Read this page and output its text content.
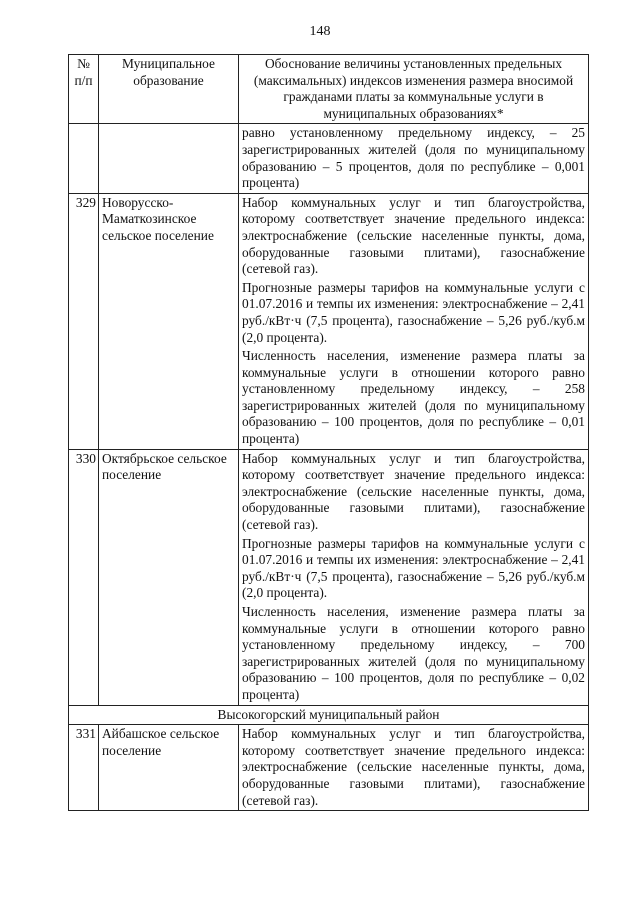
148
№ п/п	Муниципальное образование	Обоснование величины установленных предельных (максимальных) индексов изменения размера вносимой гражданами платы за коммунальные услуги в муниципальных образованиях*

		равно установленному предельному индексу, – 25 зарегистрированных жителей (доля по муниципальному образованию – 5 процентов, доля по республике – 0,001 процента)

329	Новорусско-Маматкозинское сельское поселение	Набор коммунальных услуг и тип благоустройства, которому соответствует значение предельного индекса: электроснабжение (сельские населенные пункты, дома, оборудованные газовыми плитами), газоснабжение (сетевой газ).

Прогнозные размеры тарифов на коммунальные услуги с 01.07.2016 и темпы их изменения: электроснабжение – 2,41 руб./кВт·ч (7,5 процента), газоснабжение – 5,26 руб./куб.м (2,0 процента).

Численность населения, изменение размера платы за коммунальные услуги в отношении которого равно установленному предельному индексу, – 258 зарегистрированных жителей (доля по муниципальному образованию – 100 процентов, доля по республике – 0,01 процента)

330	Октябрьское сельское поселение	Набор коммунальных услуг и тип благоустройства, которому соответствует значение предельного индекса: электроснабжение (сельские населенные пункты, дома, оборудованные газовыми плитами), газоснабжение (сетевой газ).

Прогнозные размеры тарифов на коммунальные услуги с 01.07.2016 и темпы их изменения: электроснабжение – 2,41 руб./кВт·ч (7,5 процента), газоснабжение – 5,26 руб./куб.м (2,0 процента).

Численность населения, изменение размера платы за коммунальные услуги в отношении которого равно установленному предельному индексу, – 700 зарегистрированных жителей (доля по муниципальному образованию – 100 процентов, доля по республике – 0,02 процента)

Высокогорский муниципальный район		
331	Айбашское сельское поселение	Набор коммунальных услуг и тип благоустройства, которому соответствует значение предельного индекса: электроснабжение (сельские населенные пункты, дома, оборудованные газовыми плитами), газоснабжение (сетевой газ).
